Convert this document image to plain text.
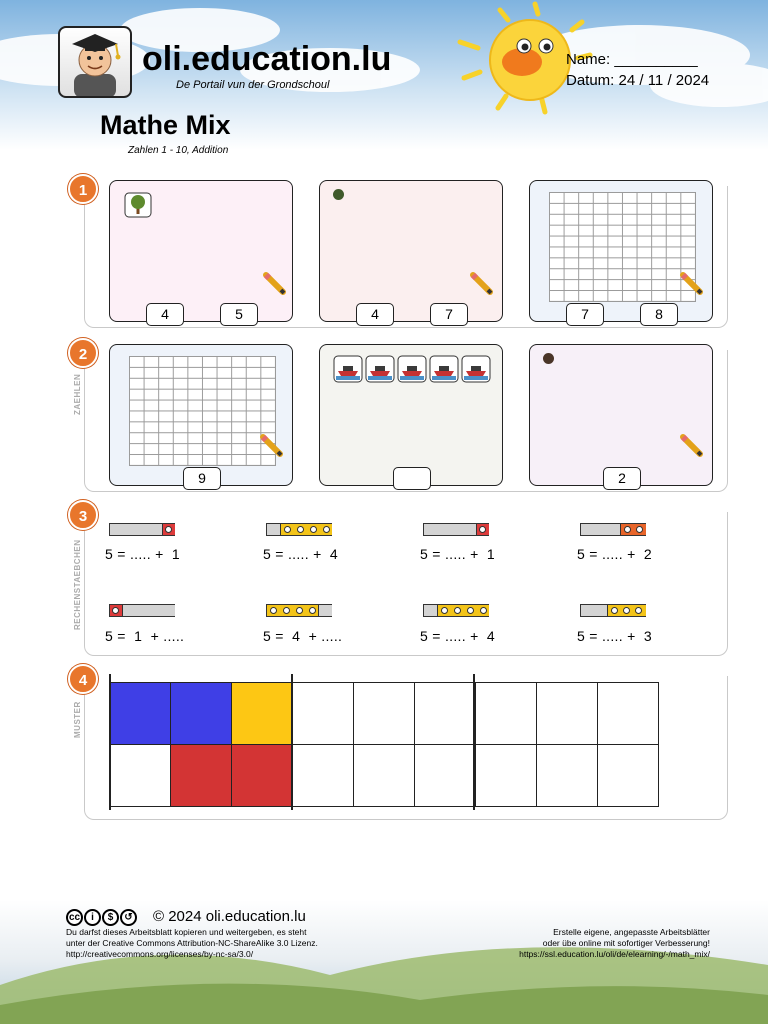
oli.education.lu
De Portail vun der Grondschoul
Name: __________
Datum: 24 / 11 / 2024
Mathe Mix
Zahlen 1 - 10, Addition
1
4	5	4	7	7	8
2
ZAEHLEN
9	2
3
RECHENSTAEBCHEN 5 = ..... +  1	5 = ..... +  4	5 = ..... +  1	5 = ..... +  2
5 =  1  + .....	5 =  4  + .....	5 = ..... +  4	5 = ..... +  3
4
MUSTER

cc i $ ↺	© 2024 oli.education.lu
Du darfst dieses Arbeitsblatt kopieren und weitergeben, es steht
unter der Creative Commons Attribution-NC-ShareAlike 3.0 Lizenz.
http://creativecommons.org/licenses/by-nc-sa/3.0/
Erstelle eigene, angepasste Arbeitsblätter
oder übe online mit sofortiger Verbesserung!
https://ssl.education.lu/oli/de/elearning/-/math_mix/
